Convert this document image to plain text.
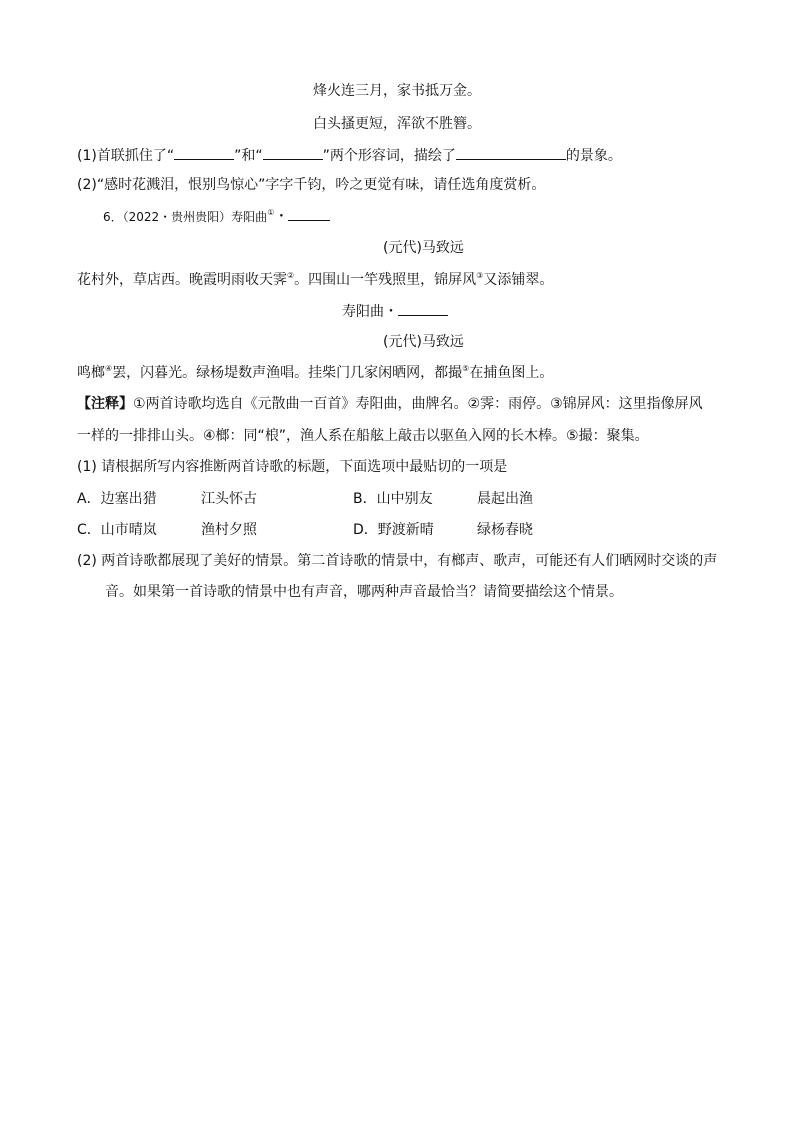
烽火连三月，家书抵万金。
白头搔更短，浑欲不胜簪。
(1)首联抓住了“	”和“	”两个形容词，描绘了	的景象。
(2)“感时花溅泪，恨别鸟惊心”字字千钧，吟之更觉有味，请任选角度赏析。
6．（2022・贵州贵阳）寿阳曲①・
(元代)马致远
花村外，草店西。晚霞明雨收天霁②。四围山一竿残照里，锦屏风③又添铺翠。
寿阳曲・
(元代)马致远
鸣榔④罢，闪暮光。绿杨堤数声渔唱。挂柴门几家闲晒网，都撮⑤在捕鱼图上。
【注释】①两首诗歌均选自《元散曲一百首》寿阳曲，曲牌名。②霁：雨停。③锦屏风：这里指像屏风
一样的一排排山头。④榔：同“桹”，渔人系在船舷上敲击以驱鱼入网的长木棒。⑤撮：聚集。
(1) 请根据所写内容推断两首诗歌的标题，下面选项中最贴切的一项是
A．边塞出猎	江头怀古	B．山中别友	晨起出渔
C．山市晴岚	渔村夕照	D．野渡新晴	绿杨春晓
(2) 两首诗歌都展现了美好的情景。第二首诗歌的情景中，有榔声、歌声，可能还有人们晒网时交谈的声
音。如果第一首诗歌的情景中也有声音，哪两种声音最恰当？请简要描绘这个情景。
